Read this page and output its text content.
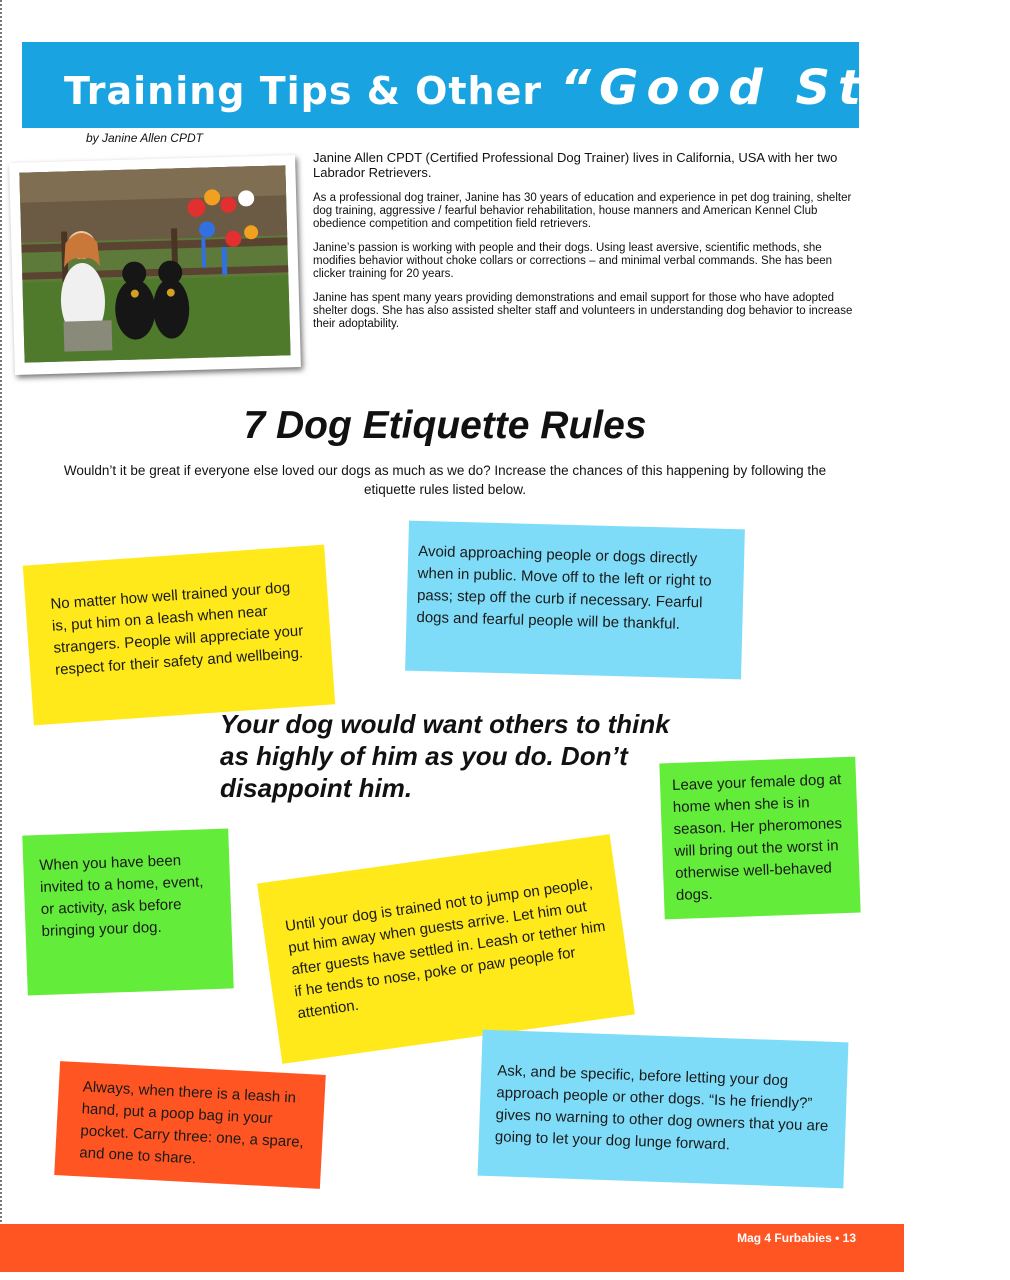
Training Tips & Other “Good Stuff”
by Janine Allen CPDT

Janine Allen CPDT (Certified Professional Dog Trainer) lives in California, USA with her two Labrador Retrievers.

As a professional dog trainer, Janine has 30 years of education and experience in pet dog training, shelter dog training, aggressive / fearful behavior rehabilitation, house manners and American Kennel Club obedience competition and competition field retrievers.

Janine’s passion is working with people and their dogs. Using least aversive, scientific methods, she modifies behavior without choke collars or corrections – and minimal verbal commands. She has been clicker training for 20 years.

Janine has spent many years providing demonstrations and email support for those who have adopted shelter dogs. She has also assisted shelter staff and volunteers in understanding dog behavior to increase their adoptability.

7 Dog Etiquette Rules
Wouldn’t it be great if everyone else loved our dogs as much as we do? Increase the chances of this happening by following the etiquette rules listed below.
No matter how well trained your dog is, put him on a leash when near strangers. People will appreciate your respect for their safety and wellbeing.
Avoid approaching people or dogs directly when in public. Move off to the left or right to pass; step off the curb if necessary. Fearful dogs and fearful people will be thankful.
When you have been invited to a home, event, or activity, ask before bringing your dog.	Until your dog is trained not to jump on people, put him away when guests arrive. Let him out after guests have settled in. Leash or tether him if he tends to nose, poke or paw people for attention.
Leave your female dog at home when she is in season. Her pheromones will bring out the worst in otherwise well-behaved dogs.
Always, when there is a leash in hand, put a poop bag in your pocket. Carry three: one, a spare, and one to share.
Ask, and be specific, before letting your dog approach people or other dogs. “Is he friendly?” gives no warning to other dog owners that you are going to let your dog lunge forward.
Your dog would want others to think as highly of him as you do. Don’t disappoint him.
Mag 4 Furbabies • 13
